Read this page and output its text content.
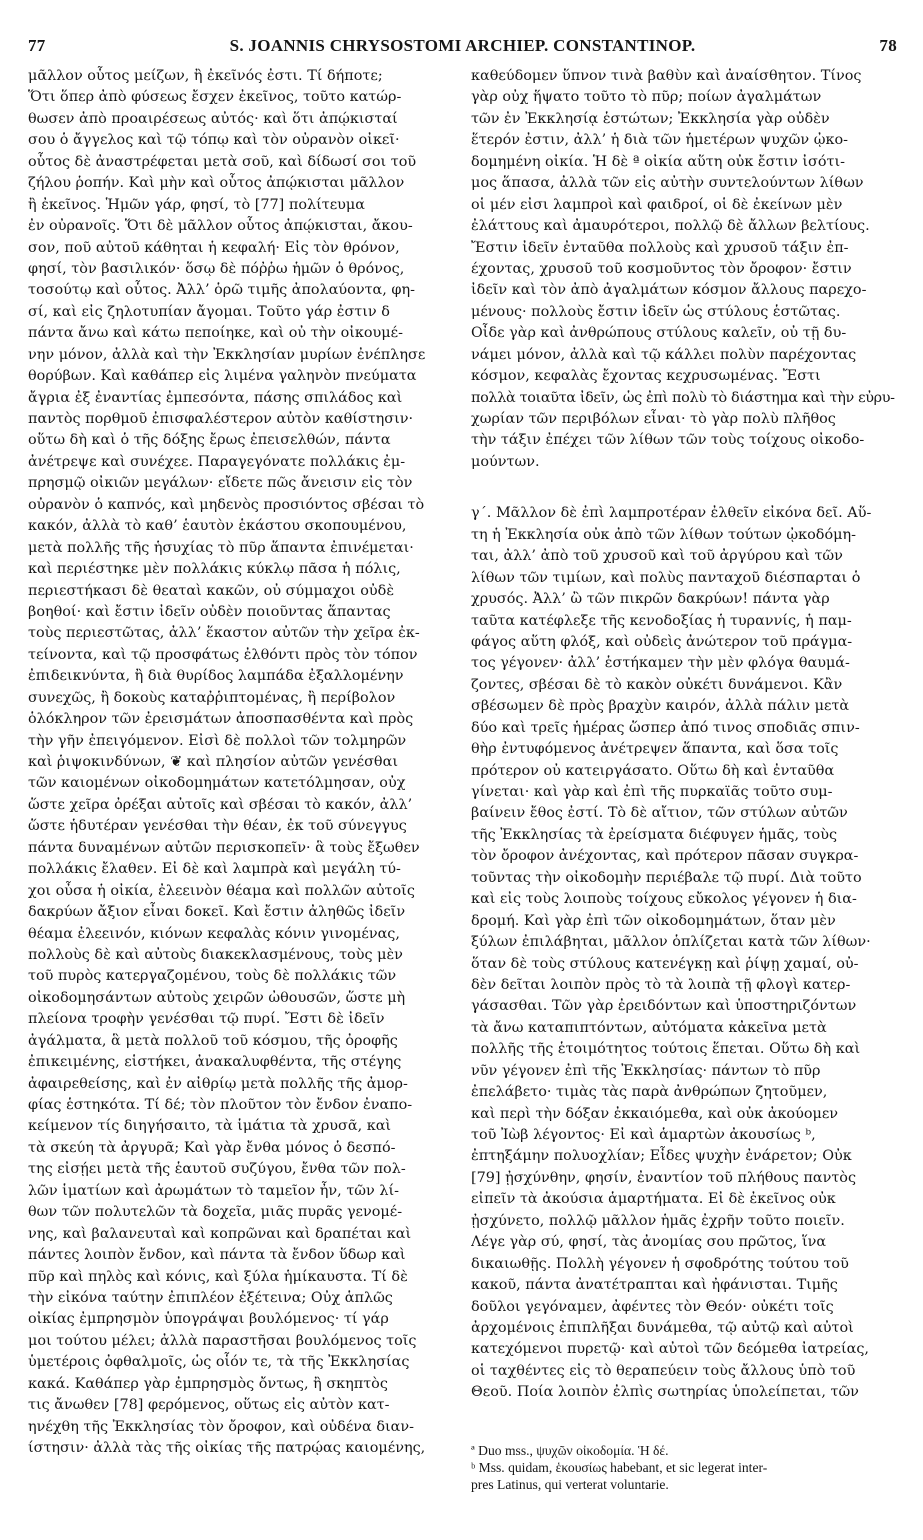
77	S. JOANNIS CHRYSOSTOMI ARCHIEP. CONSTANTINOP.	78
μᾶλλον οὗτος μείζων, ἢ ἐκεῖνός ἐστι. Τί δήποτε;
Ὅτι ὅπερ ἀπὸ φύσεως ἔσχεν ἐκεῖνος, τοῦτο κατώρ-
θωσεν ἀπὸ προαιρέσεως αὐτός· καὶ ὅτι ἀπῴκισταί
σου ὁ ἄγγελος καὶ τῷ τόπῳ καὶ τὸν οὐρανὸν οἰκεῖ·
οὗτος δὲ ἀναστρέφεται μετὰ σοῦ, καὶ δίδωσί σοι τοῦ
ζήλου ῥοπήν. Καὶ μὴν καὶ οὗτος ἀπῴκισται μᾶλλον
ἢ ἐκεῖνος. Ἡμῶν γάρ, φησί, τὸ [77] πολίτευμα
ἐν οὐρανοῖς. Ὅτι δὲ μᾶλλον οὗτος ἀπῴκισται, ἄκου-
σον, ποῦ αὐτοῦ κάθηται ἡ κεφαλή· Εἰς τὸν θρόνον,
φησί, τὸν βασιλικόν· ὅσῳ δὲ πόῤῥω ἡμῶν ὁ θρόνος,
τοσούτῳ καὶ οὗτος. Ἀλλ’ ὁρῶ τιμῆς ἀπολαύοντα, φη-
σί, καὶ εἰς ζηλοτυπίαν ἄγομαι. Τοῦτο γάρ ἐστιν δ
πάντα ἄνω καὶ κάτω πεποίηκε, καὶ οὐ τὴν οἰκουμέ-
νην μόνον, ἀλλὰ καὶ τὴν Ἐκκλησίαν μυρίων ἐνέπλησε
θορύβων. Καὶ καθάπερ εἰς λιμένα γαληνὸν πνεύματα
ἄγρια ἐξ ἐναντίας ἐμπεσόντα, πάσης σπιλάδος καὶ
παντὸς πορθμοῦ ἐπισφαλέστερον αὐτὸν καθίστησιν·
οὕτω δὴ καὶ ὁ τῆς δόξης ἔρως ἐπεισελθών, πάντα
ἀνέτρεψε καὶ συνέχεε. Παραγεγόνατε πολλάκις ἐμ-
πρησμῷ οἰκιῶν μεγάλων· εἴδετε πῶς ἄνεισιν εἰς τὸν
οὐρανὸν ὁ καπνός, καὶ μηδενὸς προσιόντος σβέσαι τὸ
κακόν, ἀλλὰ τὸ καθ’ ἑαυτὸν ἑκάστου σκοπουμένου,
μετὰ πολλῆς τῆς ἡσυχίας τὸ πῦρ ἅπαντα ἐπινέμεται·
καὶ περιέστηκε μὲν πολλάκις κύκλῳ πᾶσα ἡ πόλις,
περιεστήκασι δὲ θεαταὶ κακῶν, οὐ σύμμαχοι οὐδὲ
βοηθοί· καὶ ἔστιν ἰδεῖν οὐδὲν ποιοῦντας ἅπαντας
τοὺς περιεστῶτας, ἀλλ’ ἕκαστον αὐτῶν τὴν χεῖρα ἐκ-
τείνοντα, καὶ τῷ προσφάτως ἐλθόντι πρὸς τὸν τόπον
ἐπιδεικνύντα, ἢ διὰ θυρίδος λαμπάδα ἐξαλλομένην
συνεχῶς, ἢ δοκοὺς καταῤῥιπτομένας, ἢ περίβολον
ὁλόκληρον τῶν ἐρεισμάτων ἀποσπασθέντα καὶ πρὸς
τὴν γῆν ἐπειγόμενον. Εἰσὶ δὲ πολλοὶ τῶν τολμηρῶν
καὶ ῥιψοκινδύνων, ❦ καὶ πλησίον αὐτῶν γενέσθαι
τῶν καιομένων οἰκοδομημάτων κατετόλμησαν, οὐχ
ὥστε χεῖρα ὀρέξαι αὐτοῖς καὶ σβέσαι τὸ κακόν, ἀλλ’
ὥστε ἡδυτέραν γενέσθαι τὴν θέαν, ἐκ τοῦ σύνεγγυς
πάντα δυναμένων αὐτῶν περισκοπεῖν· ἃ τοὺς ἔξωθεν
πολλάκις ἔλαθεν. Εἰ δὲ καὶ λαμπρὰ καὶ μεγάλη τύ-
χοι οὖσα ἡ οἰκία, ἐλεεινὸν θέαμα καὶ πολλῶν αὐτοῖς
δακρύων ἄξιον εἶναι δοκεῖ. Καὶ ἔστιν ἀληθῶς ἰδεῖν
θέαμα ἐλεεινόν, κιόνων κεφαλὰς κόνιν γινομένας,
πολλοὺς δὲ καὶ αὐτοὺς διακεκλασμένους, τοὺς μὲν
τοῦ πυρὸς κατεργαζομένου, τοὺς δὲ πολλάκις τῶν
οἰκοδομησάντων αὐτοὺς χειρῶν ὠθουσῶν, ὥστε μὴ
πλείονα τροφὴν γενέσθαι τῷ πυρί. Ἔστι δὲ ἰδεῖν
ἀγάλματα, ἃ μετὰ πολλοῦ τοῦ κόσμου, τῆς ὀροφῆς
ἐπικειμένης, εἱστήκει, ἀνακαλυφθέντα, τῆς στέγης
ἀφαιρεθείσης, καὶ ἐν αἰθρίῳ μετὰ πολλῆς τῆς ἀμορ-
φίας ἑστηκότα. Τί δέ; τὸν πλοῦτον τὸν ἔνδον ἐναπο-
κείμενον τίς διηγήσαιτο, τὰ ἱμάτια τὰ χρυσᾶ, καὶ
τὰ σκεύη τὰ ἀργυρᾶ; Καὶ γὰρ ἔνθα μόνος ὁ δεσπό-
της εἰσῄει μετὰ τῆς ἑαυτοῦ συζύγου, ἔνθα τῶν πολ-
λῶν ἱματίων καὶ ἀρωμάτων τὸ ταμεῖον ἦν, τῶν λί-
θων τῶν πολυτελῶν τὰ δοχεῖα, μιᾶς πυρᾶς γενομέ-
νης, καὶ βαλανευταὶ καὶ κοπρῶναι καὶ δραπέται καὶ
πάντες λοιπὸν ἔνδον, καὶ πάντα τὰ ἔνδον ὕδωρ καὶ
πῦρ καὶ πηλὸς καὶ κόνις, καὶ ξύλα ἡμίκαυστα. Τί δὲ
τὴν εἰκόνα ταύτην ἐπιπλέον ἐξέτεινα; Οὐχ ἁπλῶς
οἰκίας ἐμπρησμὸν ὑπογράψαι βουλόμενος· τί γάρ
μοι τούτου μέλει; ἀλλὰ παραστῆσαι βουλόμενος τοῖς
ὑμετέροις ὀφθαλμοῖς, ὡς οἷόν τε, τὰ τῆς Ἐκκλησίας
κακά. Καθάπερ γὰρ ἐμπρησμὸς ὄντως, ἢ σκηπτὸς
τις ἄνωθεν [78] φερόμενος, οὕτως εἰς αὐτὸν κατ-
ηνέχθη τῆς Ἐκκλησίας τὸν ὄροφον, καὶ οὐδένα διαν-
ίστησιν· ἀλλὰ τὰς τῆς οἰκίας τῆς πατρῴας καιομένης,
καθεύδομεν ὕπνον τινὰ βαθὺν καὶ ἀναίσθητον. Τίνος
γὰρ οὐχ ἥψατο τοῦτο τὸ πῦρ; ποίων ἀγαλμάτων
τῶν ἐν Ἐκκλησίᾳ ἑστώτων; Ἐκκλησία γὰρ οὐδὲν
ἕτερόν ἐστιν, ἀλλ’ ἡ διὰ τῶν ἡμετέρων ψυχῶν ᾠκο-
δομημένη οἰκία. Ἡ δὲ ª οἰκία αὕτη οὐκ ἔστιν ἰσότι-
μος ἅπασα, ἀλλὰ τῶν εἰς αὐτὴν συντελούντων λίθων
οἱ μέν εἰσι λαμπροὶ καὶ φαιδροί, οἱ δὲ ἐκείνων μὲν
ἐλάττους καὶ ἀμαυρότεροι, πολλῷ δὲ ἄλλων βελτίους.
Ἔστιν ἰδεῖν ἐνταῦθα πολλοὺς καὶ χρυσοῦ τάξιν ἐπ-
έχοντας, χρυσοῦ τοῦ κοσμοῦντος τὸν ὄροφον· ἔστιν
ἰδεῖν καὶ τὸν ἀπὸ ἀγαλμάτων κόσμον ἄλλους παρεχο-
μένους· πολλοὺς ἔστιν ἰδεῖν ὡς στύλους ἑστῶτας.
Οἶδε γὰρ καὶ ἀνθρώπους στύλους καλεῖν, οὐ τῇ δυ-
νάμει μόνον, ἀλλὰ καὶ τῷ κάλλει πολὺν παρέχοντας
κόσμον, κεφαλὰς ἔχοντας κεχρυσωμένας. Ἔστι
πολλὰ τοιαῦτα ἰδεῖν, ὡς ἐπὶ πολὺ τὸ διάστημα καὶ τὴν εὐρυ-
χωρίαν τῶν περιβόλων εἶναι· τὸ γὰρ πολὺ πλῆθος
τὴν τάξιν ἐπέχει τῶν λίθων τῶν τοὺς τοίχους οἰκοδο-
μούντων.
γ΄. Μᾶλλον δὲ ἐπὶ λαμπροτέραν ἐλθεῖν εἰκόνα δεῖ. Αὕ-
τη ἡ Ἐκκλησία οὐκ ἀπὸ τῶν λίθων τούτων ᾠκοδόμη-
ται, ἀλλ’ ἀπὸ τοῦ χρυσοῦ καὶ τοῦ ἀργύρου καὶ τῶν
λίθων τῶν τιμίων, καὶ πολὺς πανταχοῦ διέσπαρται ὁ
χρυσός. Ἀλλ’ ὢ τῶν πικρῶν δακρύων! πάντα γὰρ
ταῦτα κατέφλεξε τῆς κενοδοξίας ἡ τυραννίς, ἡ παμ-
φάγος αὕτη φλόξ, καὶ οὐδεὶς ἀνώτερον τοῦ πράγμα-
τος γέγονεν· ἀλλ’ ἑστήκαμεν τὴν μὲν φλόγα θαυμά-
ζοντες, σβέσαι δὲ τὸ κακὸν οὐκέτι δυνάμενοι. Κἂν
σβέσωμεν δὲ πρὸς βραχὺν καιρόν, ἀλλὰ πάλιν μετὰ
δύο καὶ τρεῖς ἡμέρας ὥσπερ ἀπό τινος σποδιᾶς σπιν-
θὴρ ἐντυφόμενος ἀνέτρεψεν ἅπαντα, καὶ ὅσα τοῖς
πρότερον οὐ κατειργάσατο. Οὕτω δὴ καὶ ἐνταῦθα
γίνεται· καὶ γὰρ καὶ ἐπὶ τῆς πυρκαϊᾶς τοῦτο συμ-
βαίνειν ἔθος ἐστί. Τὸ δὲ αἴτιον, τῶν στύλων αὐτῶν
τῆς Ἐκκλησίας τὰ ἐρείσματα διέφυγεν ἡμᾶς, τοὺς
τὸν ὄροφον ἀνέχοντας, καὶ πρότερον πᾶσαν συγκρα-
τοῦντας τὴν οἰκοδομὴν περιέβαλε τῷ πυρί. Διὰ τοῦτο
καὶ εἰς τοὺς λοιποὺς τοίχους εὔκολος γέγονεν ἡ δια-
δρομή. Καὶ γὰρ ἐπὶ τῶν οἰκοδομημάτων, ὅταν μὲν
ξύλων ἐπιλάβηται, μᾶλλον ὁπλίζεται κατὰ τῶν λίθων·
ὅταν δὲ τοὺς στύλους κατενέγκῃ καὶ ῥίψῃ χαμαί, οὐ-
δὲν δεῖται λοιπὸν πρὸς τὸ τὰ λοιπὰ τῇ φλογὶ κατερ-
γάσασθαι. Τῶν γὰρ ἐρειδόντων καὶ ὑποστηριζόντων
τὰ ἄνω καταπιπτόντων, αὐτόματα κἀκεῖνα μετὰ
πολλῆς τῆς ἑτοιμότητος τούτοις ἕπεται. Οὕτω δὴ καὶ
νῦν γέγονεν ἐπὶ τῆς Ἐκκλησίας· πάντων τὸ πῦρ
ἐπελάβετο· τιμὰς τὰς παρὰ ἀνθρώπων ζητοῦμεν,
καὶ περὶ τὴν δόξαν ἐκκαιόμεθα, καὶ οὐκ ἀκούομεν
τοῦ Ἰὼβ λέγοντος· Εἰ καὶ ἁμαρτὼν ἀκουσίως ᵇ,
ἐπτηξάμην πολυοχλίαν; Εἶδες ψυχὴν ἐνάρετον; Οὐκ
[79] ᾐσχύνθην, φησίν, ἐναντίον τοῦ πλήθους παντὸς
εἰπεῖν τὰ ἀκούσια ἁμαρτήματα. Εἰ δὲ ἐκεῖνος οὐκ
ᾐσχύνετο, πολλῷ μᾶλλον ἡμᾶς ἐχρῆν τοῦτο ποιεῖν.
Λέγε γὰρ σύ, φησί, τὰς ἀνομίας σου πρῶτος, ἵνα
δικαιωθῇς. Πολλὴ γέγονεν ἡ σφοδρότης τούτου τοῦ
κακοῦ, πάντα ἀνατέτραπται καὶ ἠφάνισται. Τιμῆς
δοῦλοι γεγόναμεν, ἀφέντες τὸν Θεόν· οὐκέτι τοῖς
ἀρχομένοις ἐπιπλῆξαι δυνάμεθα, τῷ αὐτῷ καὶ αὐτοὶ
κατεχόμενοι πυρετῷ· καὶ αὐτοὶ τῶν δεόμεθα ἰατρείας,
οἱ ταχθέντες εἰς τὸ θεραπεύειν τοὺς ἄλλους ὑπὸ τοῦ
Θεοῦ. Ποία λοιπὸν ἐλπὶς σωτηρίας ὑπολείπεται, τῶν
ª Duo mss., ψυχῶν οἰκοδομία. Ἡ δέ.
ᵇ Mss. quidam, ἑκουσίως habebant, et sic legerat inter-
pres Latinus, qui verterat voluntarie.
